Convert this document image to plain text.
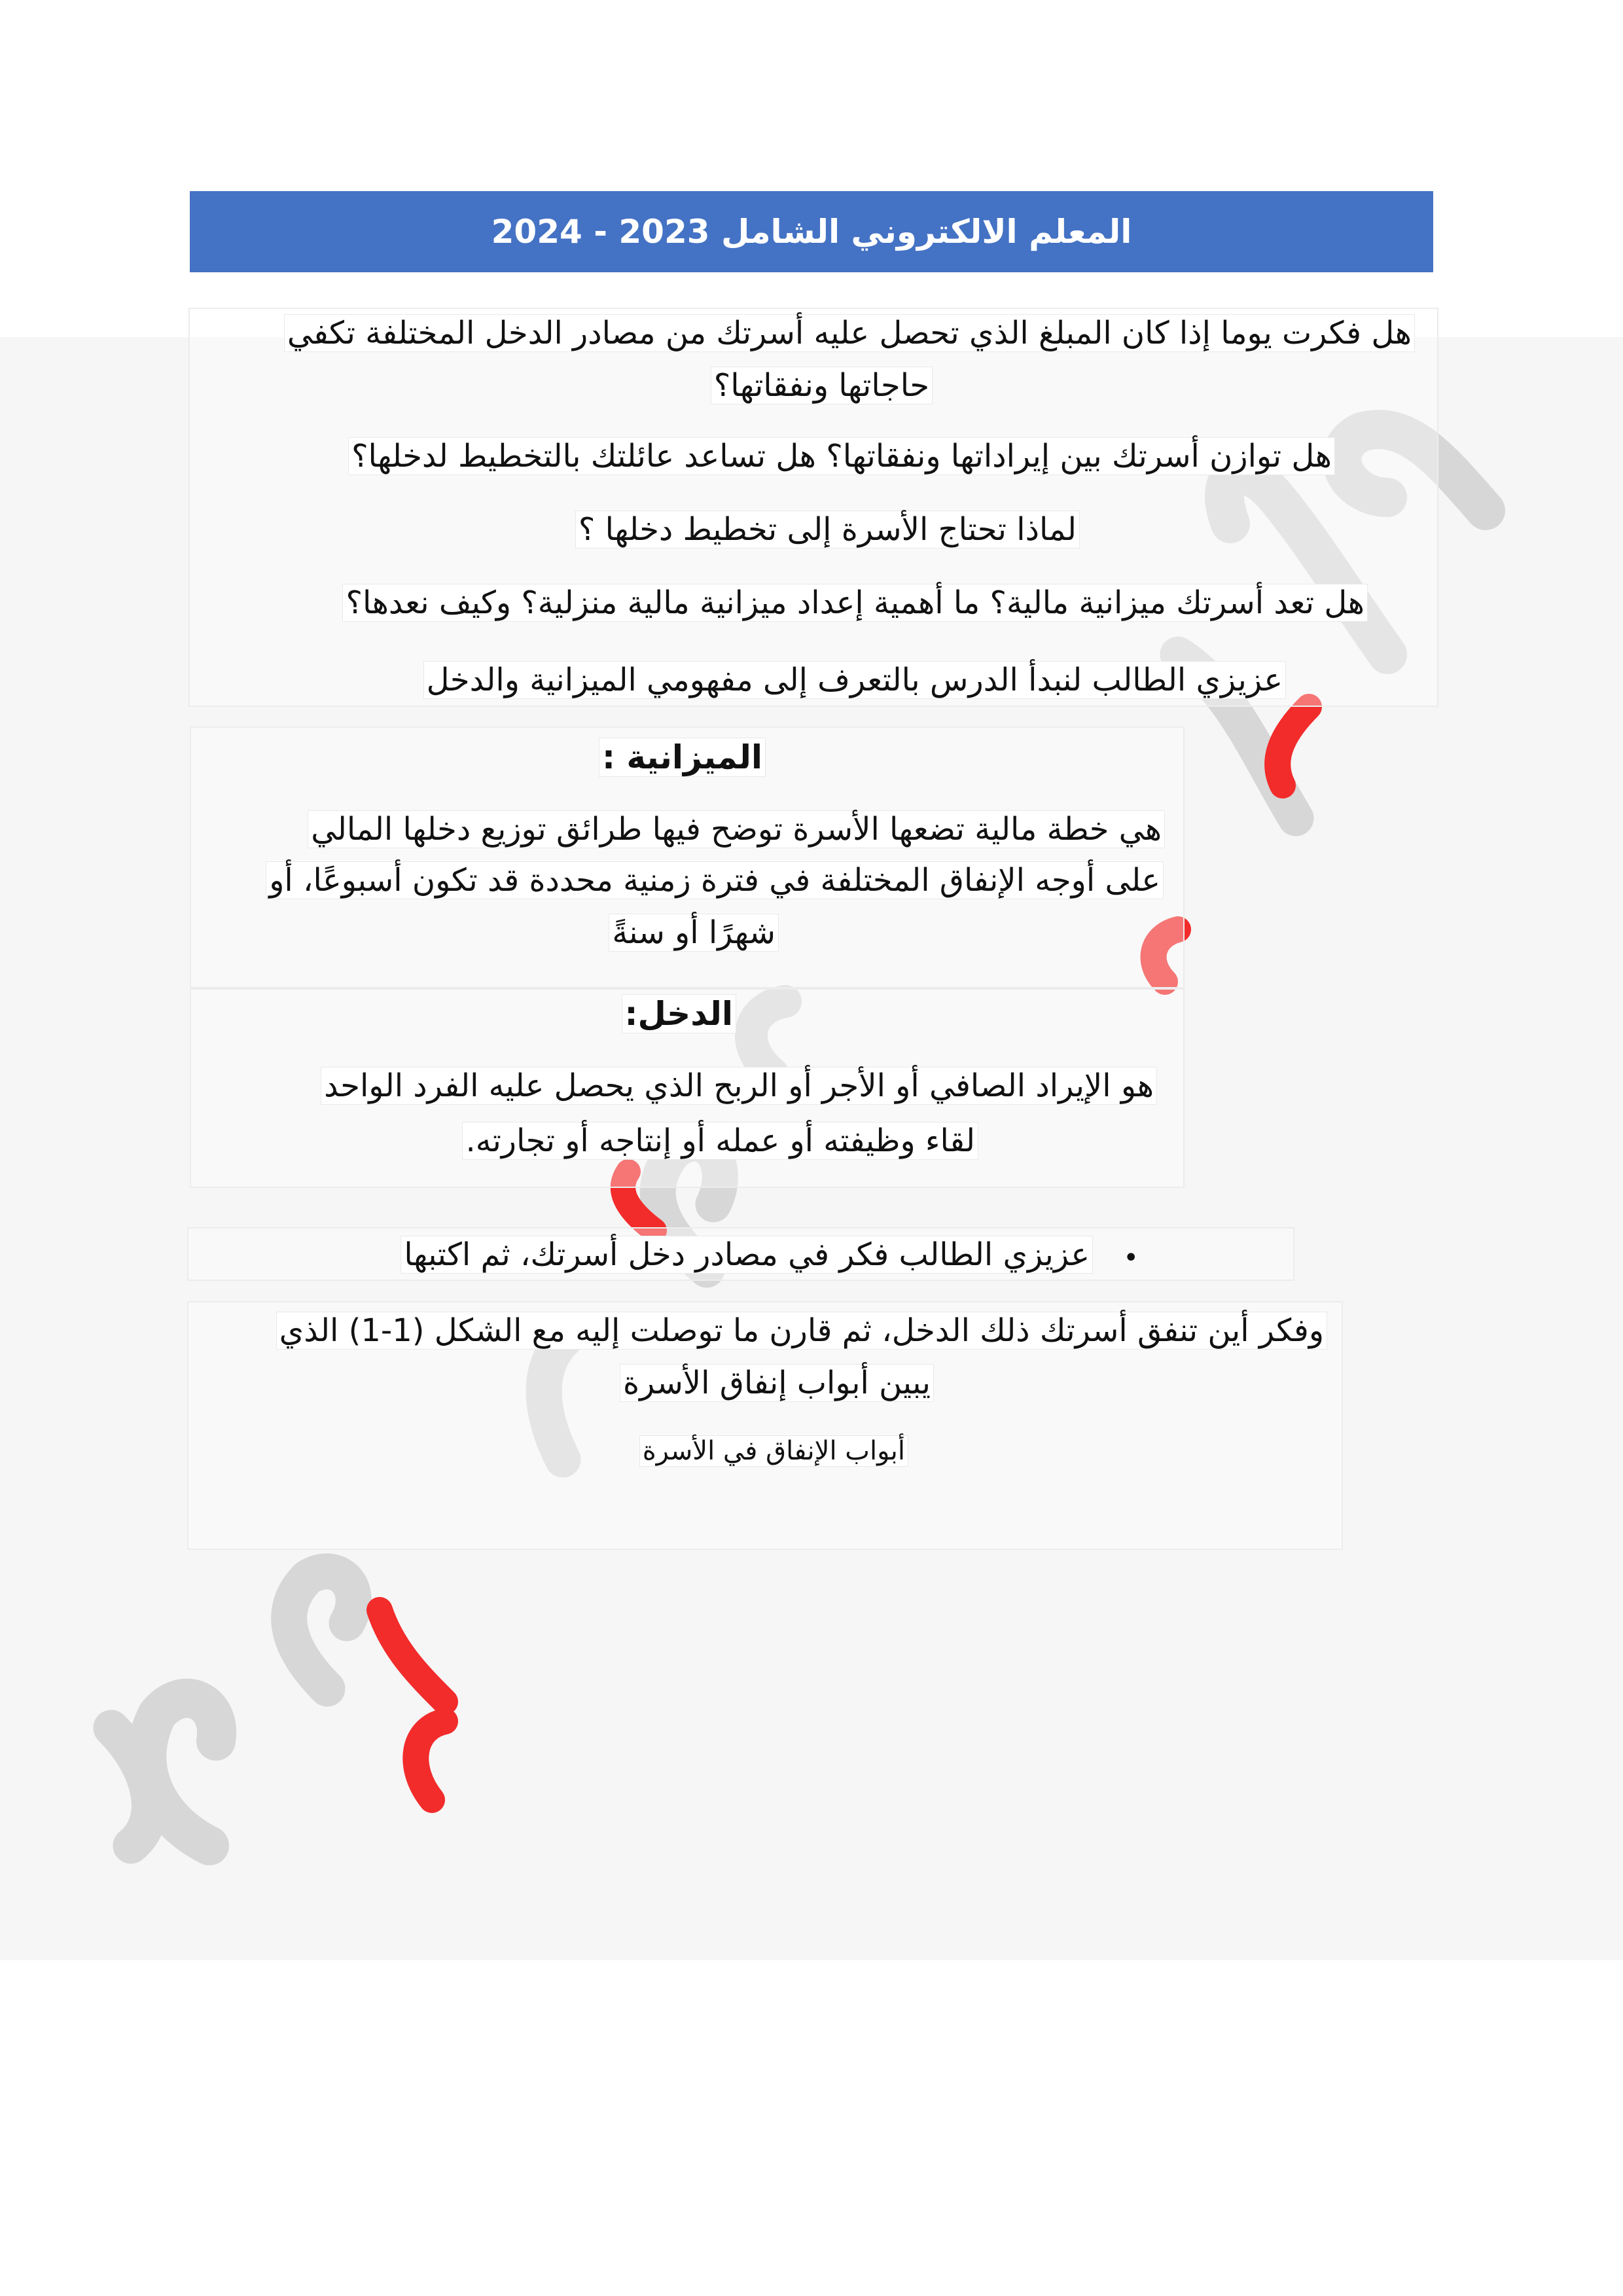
المعلم الالكتروني الشامل 2023 - 2024
هل فكرت يوما إذا كان المبلغ الذي تحصل عليه أسرتك من مصادر الدخل المختلفة تكفي
حاجاتها ونفقاتها؟
هل توازن أسرتك بين إيراداتها ونفقاتها؟ هل تساعد عائلتك بالتخطيط لدخلها؟
لماذا تحتاج الأسرة إلى تخطيط دخلها ؟
هل تعد أسرتك ميزانية مالية؟ ما أهمية إعداد ميزانية مالية منزلية؟ وكيف نعدها؟
عزيزي الطالب لنبدأ الدرس بالتعرف إلى مفهومي الميزانية والدخل
الميزانية :
هي خطة مالية تضعها الأسرة توضح فيها طرائق توزيع دخلها المالي
على أوجه الإنفاق المختلفة في فترة زمنية محددة قد تكون أسبوعًا، أو
شهرًا أو سنةً
الدخل:
هو الإيراد الصافي أو الأجر أو الربح الذي يحصل عليه الفرد الواحد
لقاء وظيفته أو عمله أو إنتاجه أو تجارته.
•
عزيزي الطالب فكر في مصادر دخل أسرتك، ثم اكتبها
وفكر أين تنفق أسرتك ذلك الدخل، ثم قارن ما توصلت إليه مع الشكل (1-1) الذي
يبين أبواب إنفاق الأسرة
أبواب الإنفاق في الأسرة
